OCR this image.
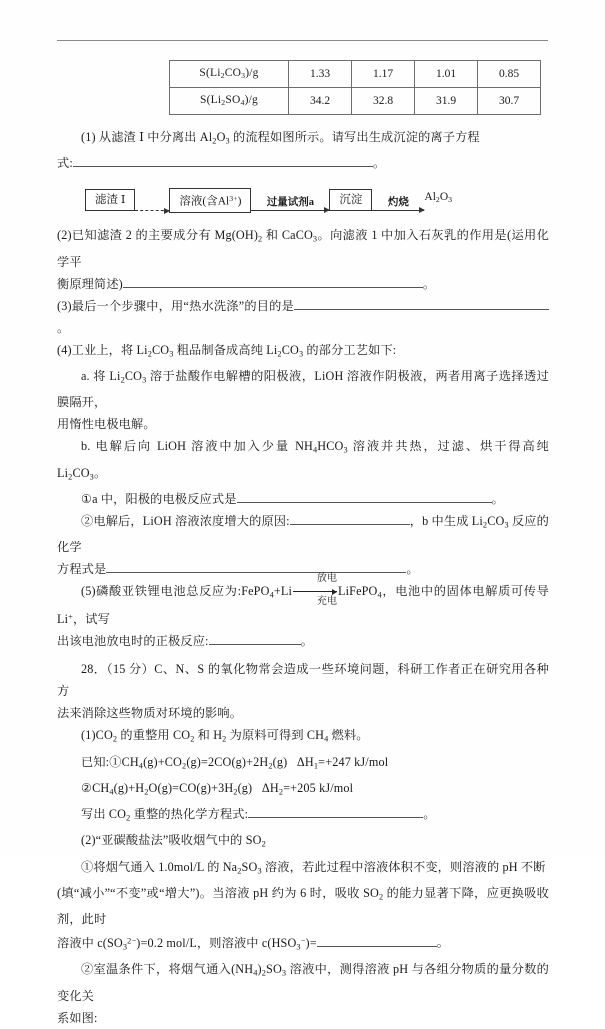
$S(Li_2CO_3)/g$	1.33	1.17	1.01	0.85
$S(Li_2SO_4)/g$	34.2	32.8	31.9	30.7

(1) 从滤渣 Ⅰ 中分离出 $Al_2O_3$ 的流程如图所示。请写出生成沉淀的离子方程

式:	。

滤渣 Ⅰ	溶液(含$Al^{3+}$)	过量试剂a	沉淀	灼烧
$Al_2O_3$

(2)已知滤渣 2 的主要成分有 $Mg(OH)_2$ 和 CaCO$_3$。向滤液 1 中加入石灰乳的作用是(运用化学平

衡原理简述)	。

(3)最后一个步骤中，用“热水洗涤”的目的是。

(4)工业上，将 $Li_2CO_3$ 粗品制备成高纯 $Li_2CO_3$ 的部分工艺如下:

a. 将 $Li_2CO_3$ 溶于盐酸作电解槽的阳极液，LiOH 溶液作阴极液，两者用离子选择透过膜隔开，

用惰性电极电解。

b. 电解后向 LiOH 溶液中加入少量 $NH_4HCO_3$ 溶液并共热，过滤、烘干得高纯 $Li_2CO_3$。

①a 中，阳极的电极反应式是	。

②电解后，LiOH 溶液浓度增大的原因:	，b 中生成 $Li_2CO_3$ 反应的化学

方程式是	。

(5)磷酸亚铁锂电池总反应为:FePO$_4$+Li
放电
充电
LiFePO$_4$，电池中的固体电解质可传导 Li+，试写

出该电池放电时的正极反应:	。

28．（15 分）C、N、S 的氧化物常会造成一些环境问题，科研工作者正在研究用各种方

法来消除这些物质对环境的影响。

$(1)CO_2$ 的重整用 $CO_2$ 和 $H_2$ 为原料可得到 $CH_4$ 燃料。

已知$:①CH_4(g)+CO_2(g)=2CO(g)+2H_2(g)$ $\Delta H_1=+247$ kJ/mol

$②CH_4(g)+H_2O(g)=CO(g)+3H_2(g)$ $\Delta H_2=+205$ kJ/mol

写出 $CO_2$ 重整的热化学方程式:	。

(2)“亚碳酸盐法”吸收烟气中的 $SO_2$

①将烟气通入 1.0mol/L 的 $Na_2SO_3$ 溶液，若此过程中溶液体积不变，则溶液的 pH 不断

(填“减小”“不变”或“增大”)。当溶液 pH 约为 6 时，吸收 $SO_2$ 的能力显著下降，应更换吸收剂，此时

溶液中 $c(SO_3^{2-})=0.2$ mol/L，则溶液中 $c(HSO_3^-)=$	。

②室温条件下，将烟气通入$(NH_4)_2SO_3$ 溶液中，测得溶液 pH 与各组分物质的量分数的变化关

系如图:
